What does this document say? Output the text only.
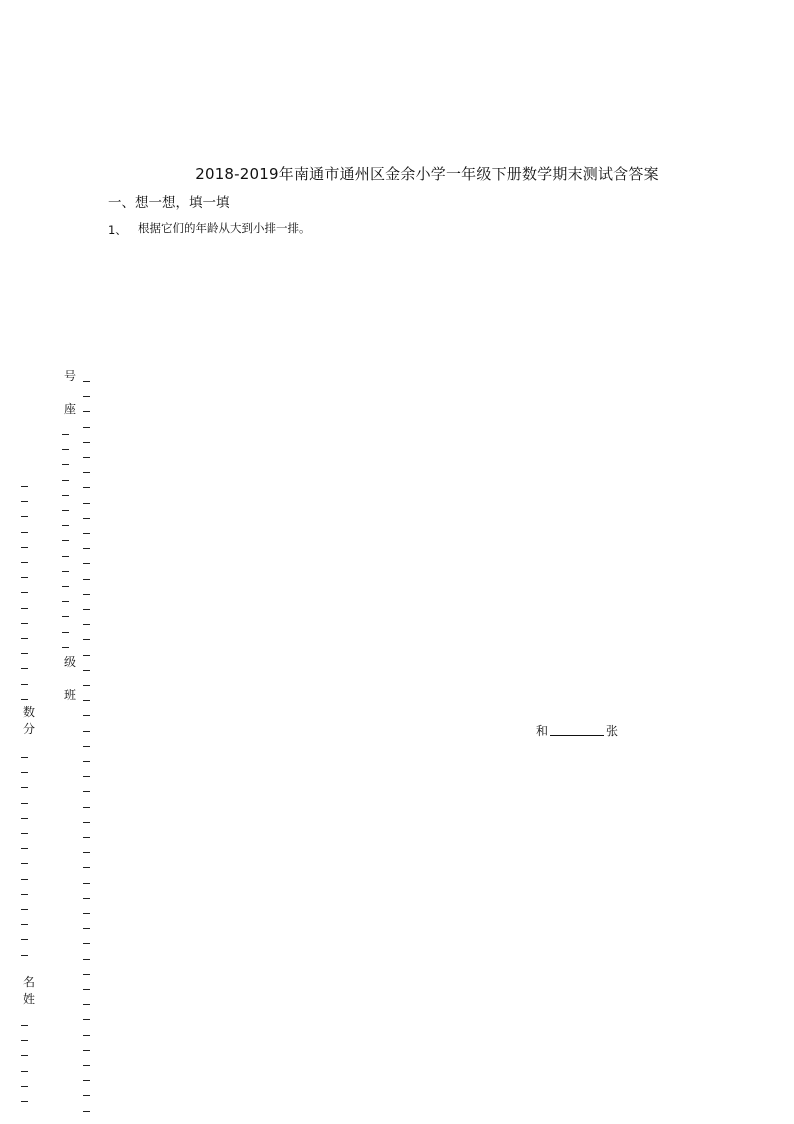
2018-2019年南通市通州区金余小学一年级下册数学期末测试含答案
一、想一想，填一填
1、 根据它们的年龄从大到小排一排。
和	张
号
座
级
班
数
分
名
姓
